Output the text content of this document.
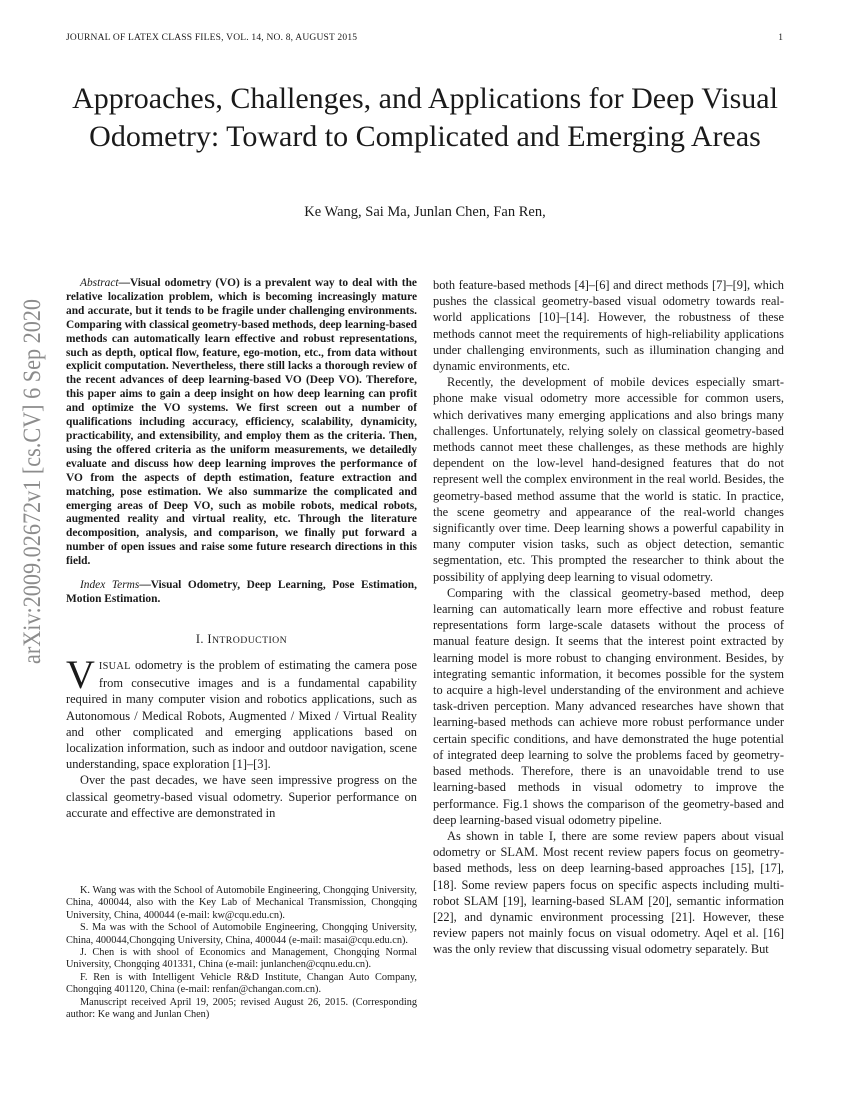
JOURNAL OF LATEX CLASS FILES, VOL. 14, NO. 8, AUGUST 2015	1
arXiv:2009.02672v1 [cs.CV] 6 Sep 2020
Approaches, Challenges, and Applications for Deep Visual Odometry: Toward to Complicated and Emerging Areas
Ke Wang, Sai Ma, Junlan Chen, Fan Ren,

Abstract—Visual odometry (VO) is a prevalent way to deal with the relative localization problem, which is becoming increasingly mature and accurate, but it tends to be fragile under challenging environments. Comparing with classical geometry-based methods, deep learning-based methods can automatically learn effective and robust representations, such as depth, optical flow, feature, ego-motion, etc., from data without explicit computation. Nevertheless, there still lacks a thorough review of the recent advances of deep learning-based VO (Deep VO). Therefore, this paper aims to gain a deep insight on how deep learning can profit and optimize the VO systems. We first screen out a number of qualifications including accuracy, efficiency, scalability, dynamicity, practicability, and extensibility, and employ them as the criteria. Then, using the offered criteria as the uniform measurements, we detailedly evaluate and discuss how deep learning improves the performance of VO from the aspects of depth estimation, feature extraction and matching, pose estimation. We also summarize the complicated and emerging areas of Deep VO, such as mobile robots, medical robots, augmented reality and virtual reality, etc. Through the literature decomposition, analysis, and comparison, we finally put forward a number of open issues and raise some future research directions in this field.

Index Terms—Visual Odometry, Deep Learning, Pose Estimation, Motion Estimation.

I. INTRODUCTION

VISUAL odometry is the problem of estimating the camera pose from consecutive images and is a fundamental capability required in many computer vision and robotics applications, such as Autonomous / Medical Robots, Augmented / Mixed / Virtual Reality and other complicated and emerging applications based on localization information, such as indoor and outdoor navigation, scene understanding, space exploration [1]–[3].

Over the past decades, we have seen impressive progress on the classical geometry-based visual odometry. Superior performance on accurate and effective are demonstrated in

K. Wang was with the School of Automobile Engineering, Chongqing University, China, 400044, also with the Key Lab of Mechanical Transmission, Chongqing University, China, 400044 (e-mail: kw@cqu.edu.cn).

S. Ma was with the School of Automobile Engineering, Chongqing University, China, 400044,Chongqing University, China, 400044 (e-mail: masai@cqu.edu.cn).

J. Chen is with shool of Economics and Management, Chongqing Normal University, Chongqing 401331, China (e-mail: junlanchen@cqnu.edu.cn).

F. Ren is with Intelligent Vehicle R&D Institute, Changan Auto Company, Chongqing 401120, China (e-mail: renfan@changan.com.cn).

Manuscript received April 19, 2005; revised August 26, 2015. (Corresponding author: Ke wang and Junlan Chen)

both feature-based methods [4]–[6] and direct methods [7]–[9], which pushes the classical geometry-based visual odometry towards real-world applications [10]–[14]. However, the robustness of these methods cannot meet the requirements of high-reliability applications under challenging environments, such as illumination changing and dynamic environments, etc.

Recently, the development of mobile devices especially smart-phone make visual odometry more accessible for common users, which derivatives many emerging applications and also brings many challenges. Unfortunately, relying solely on classical geometry-based methods cannot meet these challenges, as these methods are highly dependent on the low-level hand-designed features that do not represent well the complex environment in the real world. Besides, the geometry-based method assume that the world is static. In practice, the scene geometry and appearance of the real-world changes significantly over time. Deep learning shows a powerful capability in many computer vision tasks, such as object detection, semantic segmentation, etc. This prompted the researcher to think about the possibility of applying deep learning to visual odometry.

Comparing with the classical geometry-based method, deep learning can automatically learn more effective and robust feature representations form large-scale datasets without the process of manual feature design. It seems that the interest point extracted by learning model is more robust to changing environment. Besides, by integrating semantic information, it becomes possible for the system to acquire a high-level understanding of the environment and achieve task-driven perception. Many advanced researches have shown that learning-based methods can achieve more robust performance under certain specific conditions, and have demonstrated the huge potential of integrated deep learning to solve the problems faced by geometry-based methods. Therefore, there is an unavoidable trend to use learning-based methods in visual odometry to improve the performance. Fig.1 shows the comparison of the geometry-based and deep learning-based visual odometry pipeline.

As shown in table I, there are some review papers about visual odometry or SLAM. Most recent review papers focus on geometry-based methods, less on deep learning-based approaches [15], [17], [18]. Some review papers focus on specific aspects including multi-robot SLAM [19], learning-based SLAM [20], semantic information [22], and dynamic environment processing [21]. However, these review papers not mainly focus on visual odometry. Aqel et al. [16] was the only review that discussing visual odometry separately. But
